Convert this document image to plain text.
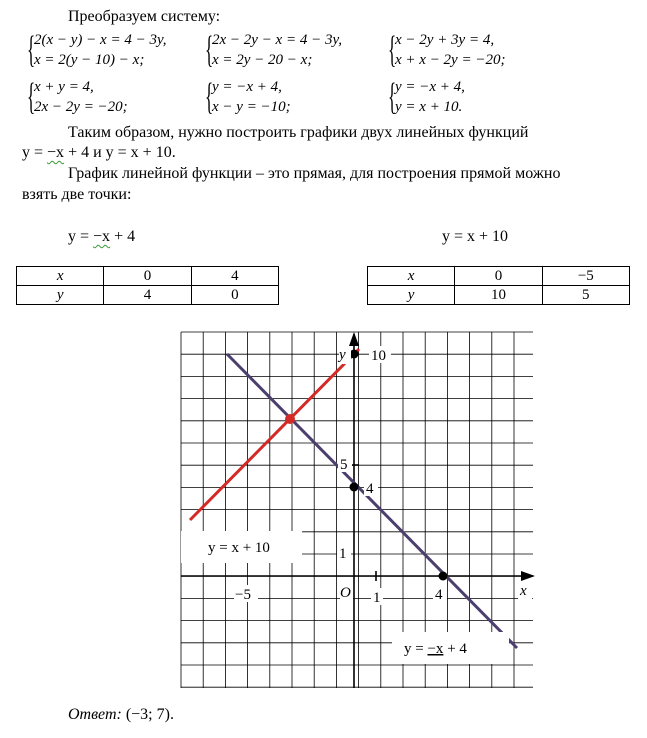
Преобразуем систему:
{
2(x − y) − x = 4 − 3y,
x = 2(y − 10) − x; {
2x − 2y − x = 4 − 3y,
x = 2y − 20 − x; {
x − 2y + 3y = 4,
x + x − 2y = −20;
{
x + y = 4,
2x − 2y = −20; {
y = −x + 4,
x − y = −10;	{
y = −x + 4,
y = x + 10.
Таким образом, нужно построить графики двух линейных функций
y = −x + 4 и y = x + 10.
График линейной функции – это прямая, для построения прямой можно
взять две точки:
y = −x + 4	y = x + 10
x	0	4
y	4	0
x	0	−5
y	10	5
y
x
O
10
5
4
1
−5	1	4
y = x + 10
y = −x + 4
Ответ: (−3; 7).
